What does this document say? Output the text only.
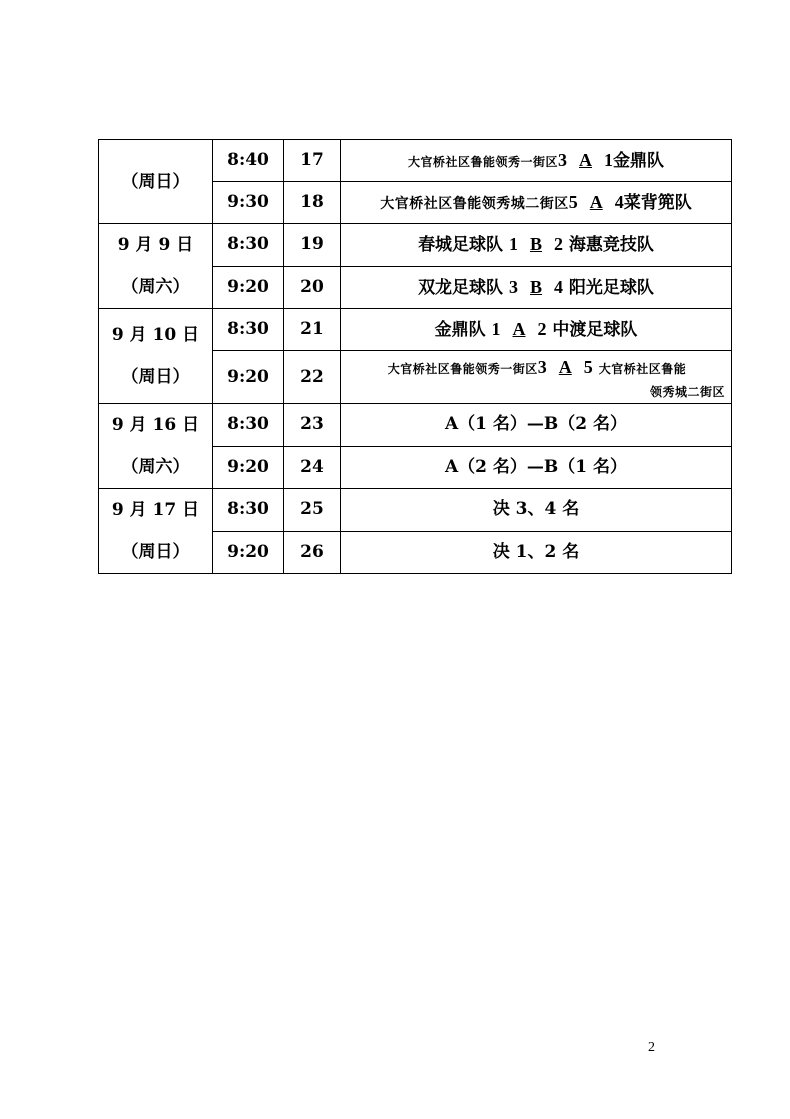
（周日）	8:40	17	大官桥社区鲁能领秀一街区3 A 1金鼎队
	9:30	18	大官桥社区鲁能领秀城二街区5 A 4菜背篼队

9 月 9 日
（周六）	8:30	19	春城足球队 1 B 2 海惠竞技队
	9:20	20	双龙足球队 3 B 4 阳光足球队

9 月 10 日
（周日）	8:30	21	金鼎队 1 A 2 中渡足球队
	9:20	22	大官桥社区鲁能领秀一街区3 A 5 大官桥社区鲁能
领秀城二街区

9 月 16 日
（周六）	8:30	23	A（1 名）—B（2 名）
	9:20	24	A（2 名）—B（1 名）

9 月 17 日
（周日）	8:30	25	决 3、4 名
	9:20	26	决 1、2 名
2
